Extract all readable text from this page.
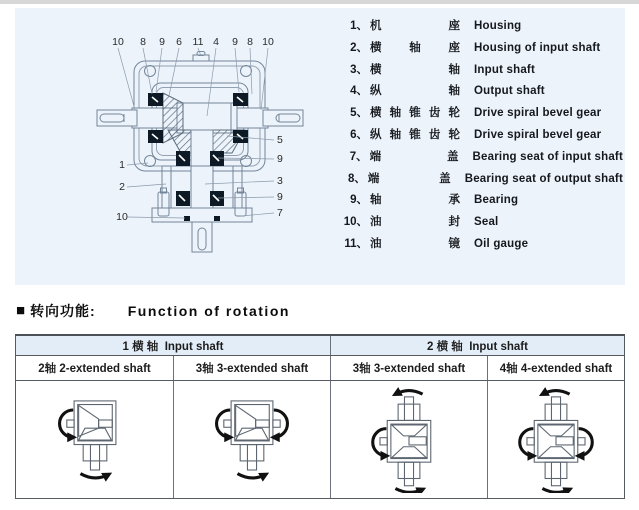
10 8 9 6 11 4 9 8 10
1
2
10
5
9
3
9
7
1、 机 座	Housing
2、 横 轴 座	Housing of input shaft
3、 横 轴	Input shaft
4、 纵 轴	Output shaft
5、 横轴锥齿轮	Drive spiral bevel gear
6、 纵轴锥齿轮	Drive spiral bevel gear
7、 端 盖	Bearing seat of input shaft
8、 端 盖	Bearing seat of output shaft
9、 轴 承	Bearing
10、 油 封	Seal
11、 油 镜	Oil gauge
■ 转向功能: Function of rotation
1 横 轴  Input shaft	2 横 轴  Input shaft
2轴 2-extended shaft	3轴 3-extended shaft	3轴 3-extended shaft	4轴 4-extended shaft
